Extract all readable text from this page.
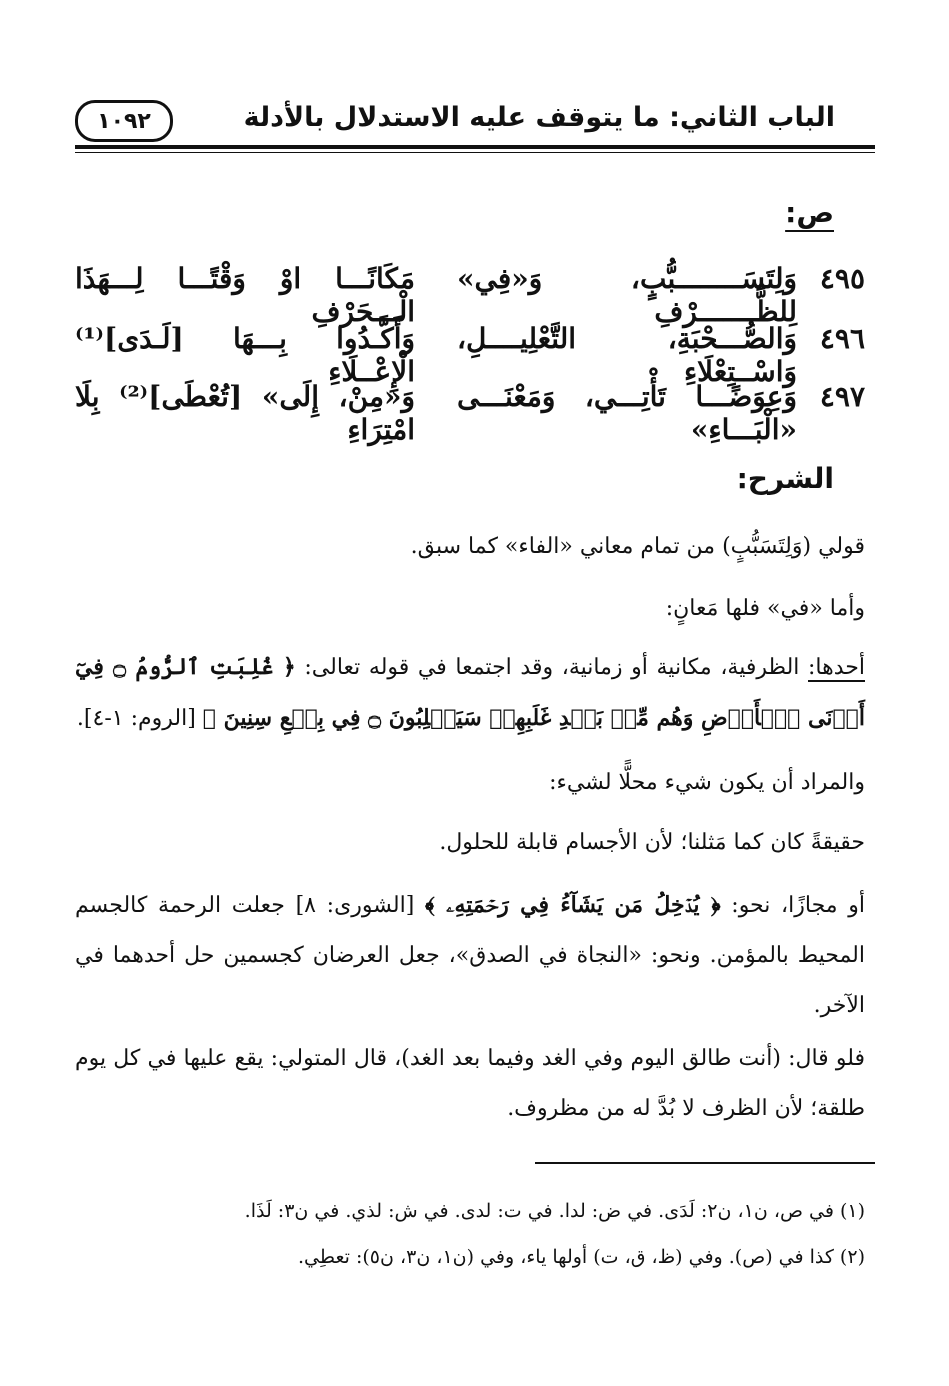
الباب الثاني: ما يتوقف عليه الاستدلال بالأدلة
١٠٩٢
ص:
٤٩٥
وَلِتَسَــــــــبُّبٍ، وَ«فِي» لِلظَّـــــــرْفِ
مَكَانًـــا اوْ وَقْتًـــا لِـــهَذَا الْـــحَرْفِ
٤٩٦
وَالصُّـــحْبَةِ، التَّعْلِيــــلِ، وَاسْــتِعْلَاءِ
وَأَكَّـدُوا بِـــهَا [لَـدَى]⁽¹⁾ الْإِعْــلَاءِ
٤٩٧
وَعِوَضًـــا تَأْتِـــي، وَمَعْنَـــى «الْبَـــاءِ»
وَ«مِنْ، إِلَى» [تُعْطَى]⁽²⁾ بِلَا امْتِرَاءِ
الشرح:
قولي (وَلِتَسَبُّبٍ) من تمام معاني «الفاء» كما سبق.
وأما «في» فلها مَعانٍ:
أحدها: الظرفية، مكانية أو زمانية، وقد اجتمعا في قوله تعالى: ﴿ غُلِبَتِ ٱلرُّومُ ۝ فِيٓ أَدۡنَى ٱلۡأَرۡضِ وَهُم مِّنۢ بَعۡدِ غَلَبِهِمۡ سَيَغۡلِبُونَ ۝ فِي بِضۡعِ سِنِينَ ﴾ [الروم: ١-٤].
والمراد أن يكون شيء محلًّا لشيء:
حقيقةً كان كما مَثلنا؛ لأن الأجسام قابلة للحلول.
أو مجازًا، نحو: ﴿ يُدۡخِلُ مَن يَشَآءُ فِي رَحۡمَتِهِۦ ﴾ [الشورى: ٨] جعلت الرحمة كالجسم المحيط بالمؤمن. ونحو: «النجاة في الصدق»، جعل العرضان كجسمين حل أحدهما في الآخر.
فلو قال: (أنت طالق اليوم وفي الغد وفيما بعد الغد)، قال المتولي: يقع عليها في كل يوم طلقة؛ لأن الظرف لا بُدَّ له من مظروف.
(١) في ص، ن١، ن٢: لَدَى. في ض: لدا. في ت: لدى. في ش: لذي. في ن٣: لَذَا.
(٢) كذا في (ص). وفي (ظ، ق، ت) أولها ياء، وفي (ن١، ن٣، ن٥): تعطِي.
